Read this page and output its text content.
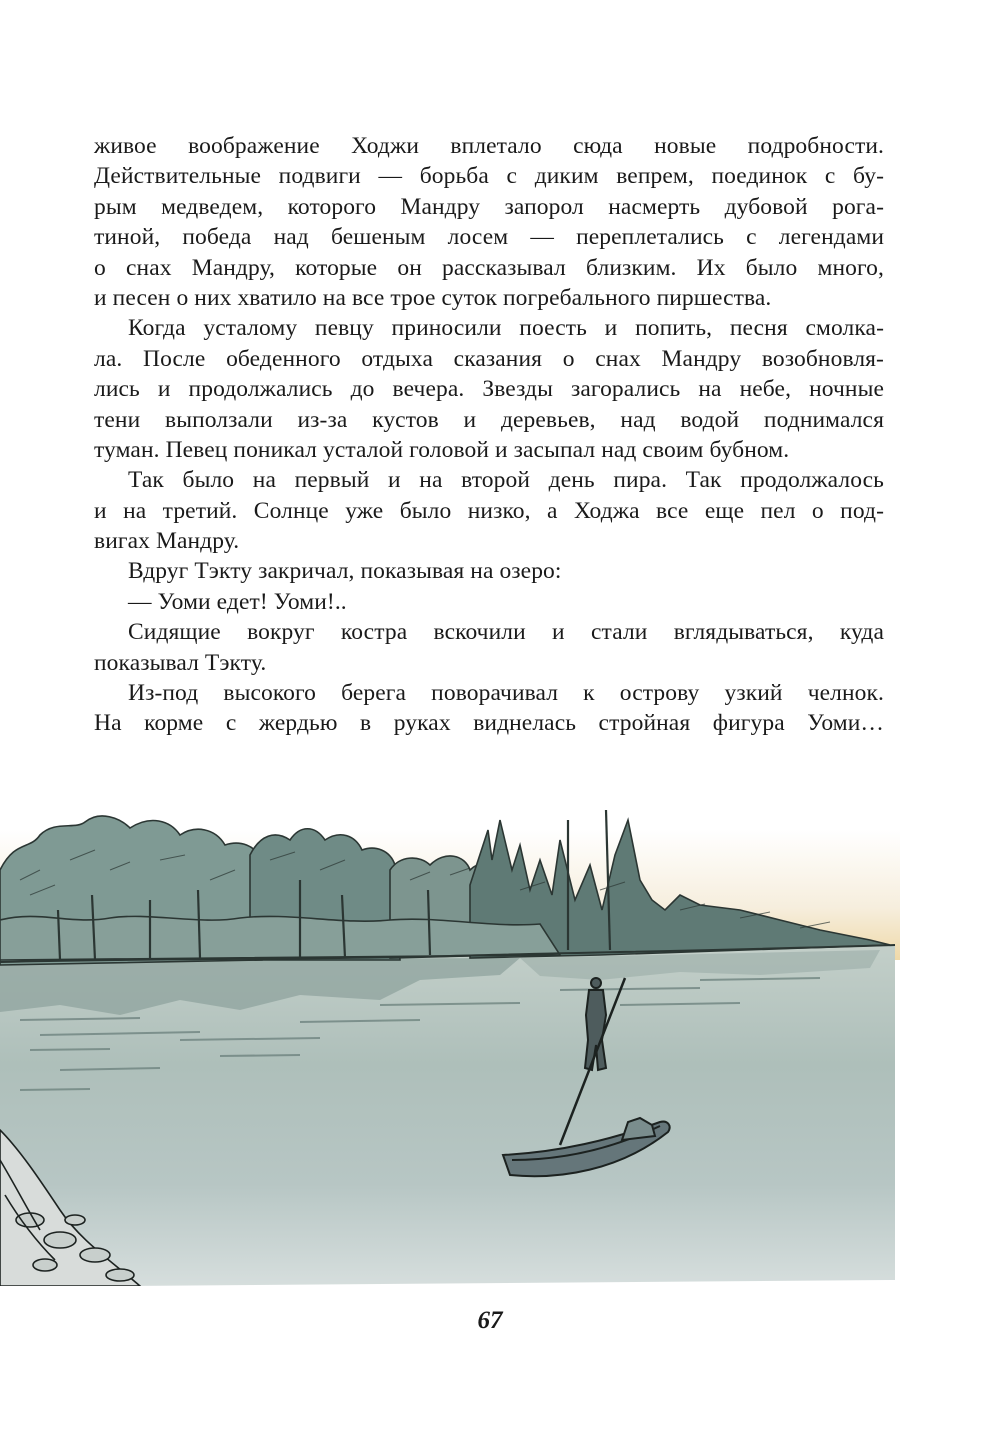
живое воображение Ходжи вплетало сюда новые подробности.
Действительные подвиги — борьба с диким вепрем, поединок с бу-
рым медведем, которого Мандру запорол насмерть дубовой рога-
тиной, победа над бешеным лосем — переплетались с легендами
о снах Мандру, которые он рассказывал близким. Их было много,
и песен о них хватило на все трое суток погребального пиршества.
Когда усталому певцу приносили поесть и попить, песня смолка-
ла. После обеденного отдыха сказания о снах Мандру возобновля-
лись и продолжались до вечера. Звезды загорались на небе, ночные
тени выползали из-за кустов и деревьев, над водой поднимался
туман. Певец поникал усталой головой и засыпал над своим бубном.
Так было на первый и на второй день пира. Так продолжалось
и на третий. Солнце уже было низко, а Ходжа все еще пел о под-
вигах Мандру.
Вдруг Тэкту закричал, показывая на озеро:
— Уоми едет! Уоми!..
Сидящие вокруг костра вскочили и стали вглядываться, куда
показывал Тэкту.
Из-под высокого берега поворачивал к острову узкий челнок.
На корме с жердью в руках виднелась стройная фигура Уоми…
67
